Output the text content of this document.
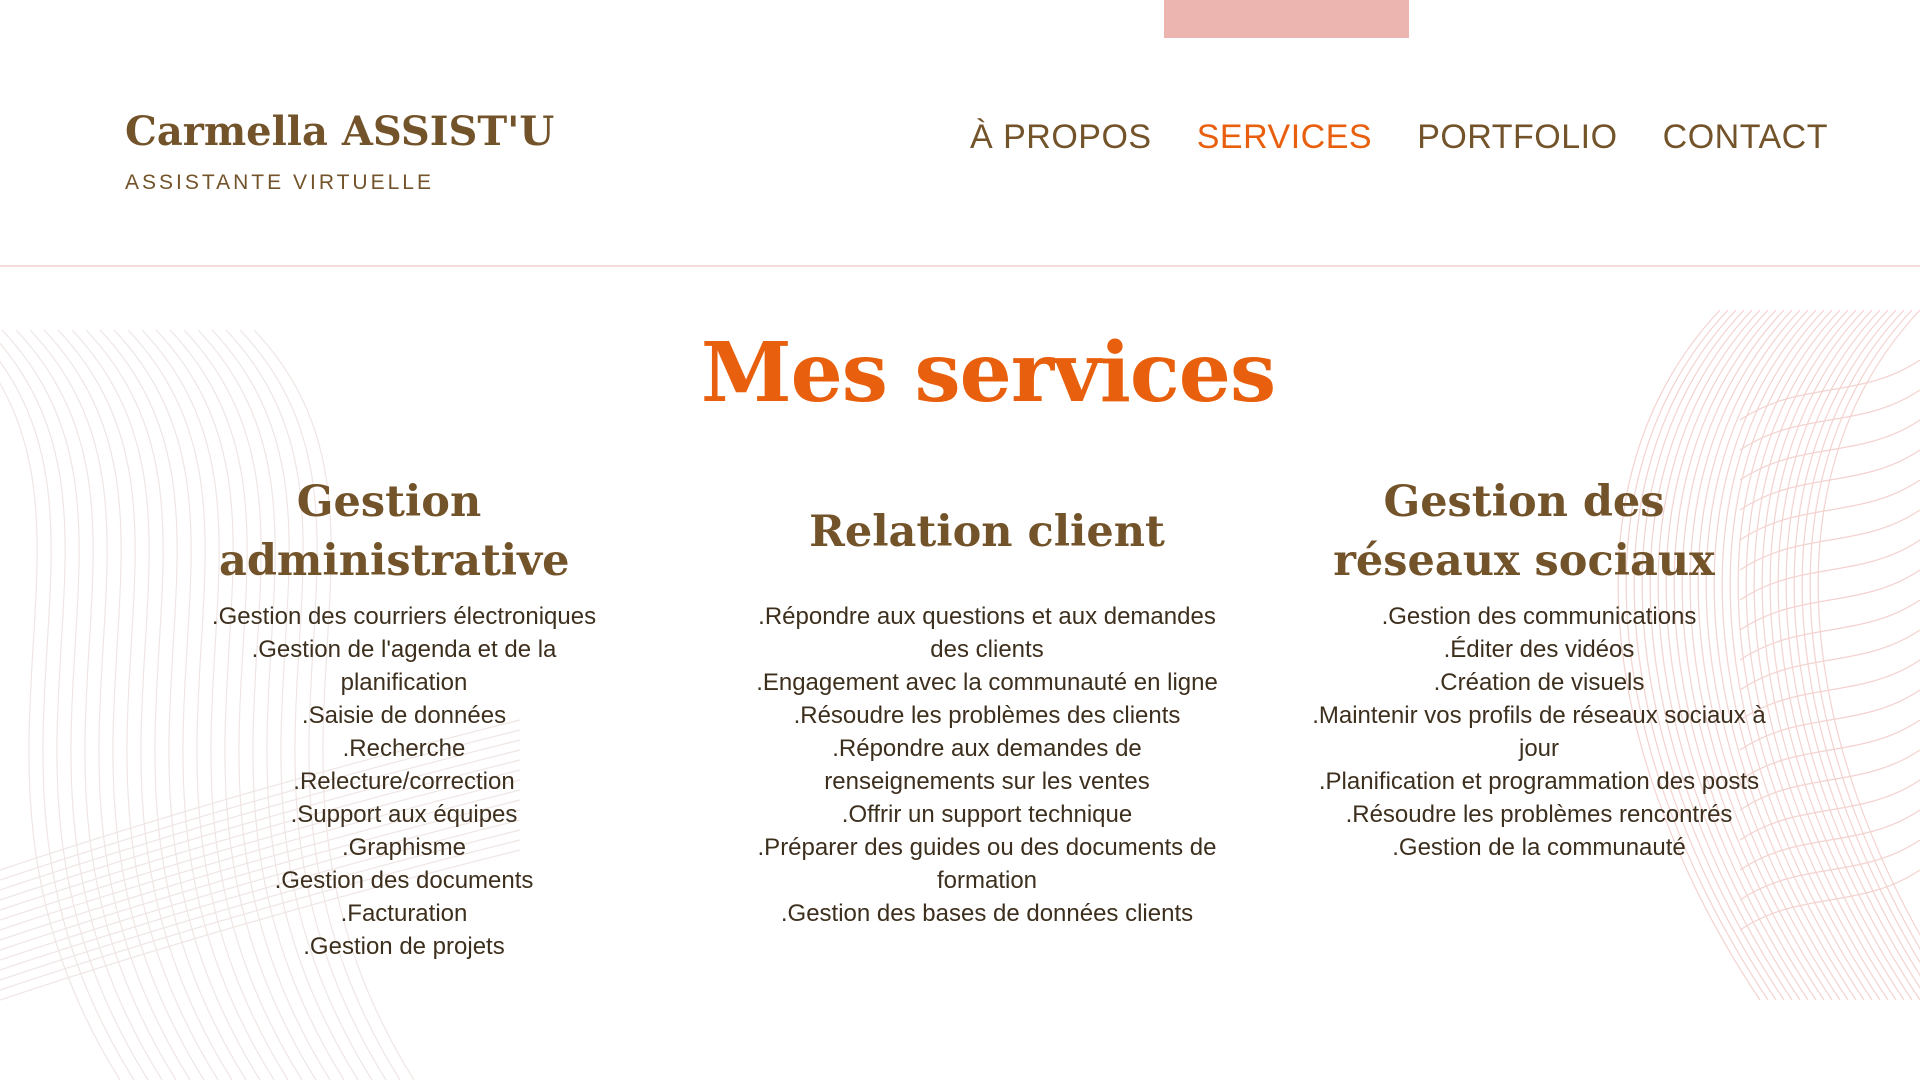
Carmella ASSIST'U
ASSISTANTE VIRTUELLE
À PROPOS SERVICES PORTFOLIO CONTACT
Mes services
Gestion administrative
.Gestion des courriers électroniques
.Gestion de l'agenda et de la planification
.Saisie de données
.Recherche
.Relecture/correction
.Support aux équipes
.Graphisme
.Gestion des documents
.Facturation
.Gestion de projets
Relation client
.Répondre aux questions et aux demandes des clients
.Engagement avec la communauté en ligne
.Résoudre les problèmes des clients
.Répondre aux demandes de renseignements sur les ventes
.Offrir un support technique
.Préparer des guides ou des documents de formation
.Gestion des bases de données clients
Gestion des réseaux sociaux
.Gestion des communications
.Éditer des vidéos
.Création de visuels
.Maintenir vos profils de réseaux sociaux à jour
.Planification et programmation des posts
.Résoudre les problèmes rencontrés
.Gestion de la communauté
